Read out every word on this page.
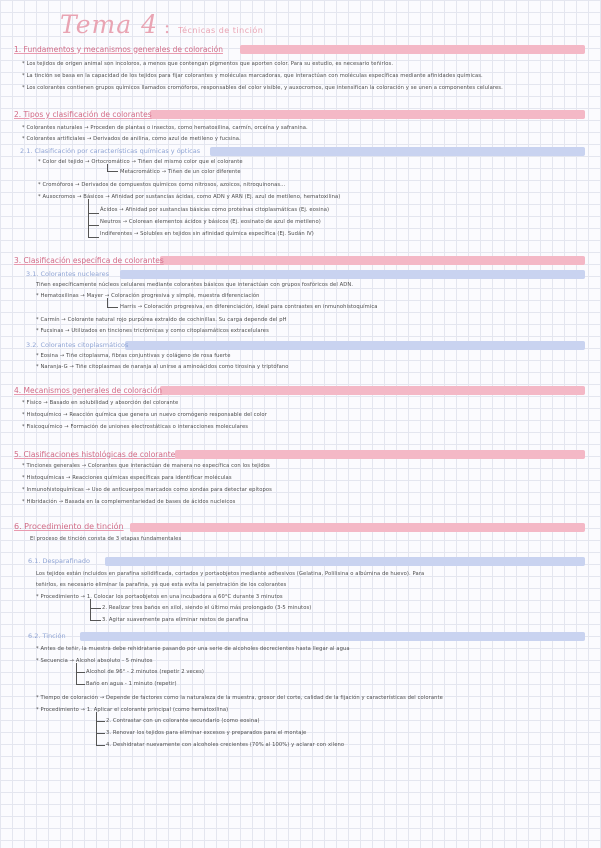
Tema 4 : Técnicas de tinción
1. Fundamentos y mecanismos generales de coloración
* Los tejidos de origen animal son incoloros, a menos que contengan pigmentos que aporten color. Para su estudio, es necesario teñirlos.
* La tinción se basa en la capacidad de los tejidos para fijar colorantes y moléculas marcadoras, que interactúan con moléculas específicas mediante afinidades químicas.
* Los colorantes contienen grupos químicos llamados cromóforos, responsables del color visible, y auxocromos, que intensifican la coloración y se unen a componentes celulares.
2. Tipos y clasificación de colorantes
* Colorantes naturales → Proceden de plantas o insectos, como hematoxilina, carmín, orceína y safranina.
* Colorantes artificiales → Derivados de anilina, como azul de metileno y fucsina.
2.1. Clasificación por características químicas y ópticas
* Color del tejido → Ortocromático → Tiñen del mismo color que el colorante
Metacromático → Tiñen de un color diferente
* Cromóforos → Derivados de compuestos químicos como nitrosos, azoicos, nitroquinonas...
* Auxocromos → Básicos → Afinidad por sustancias ácidas, como ADN y ARN (Ej. azul de metileno, hematoxilina)
Ácidos → Afinidad por sustancias básicas como proteínas citoplasmáticas (Ej. eosina)
Neutros → Colorean elementos ácidos y básicos (Ej. eosinato de azul de metileno)
Indiferentes → Solubles en tejidos sin afinidad química específica (Ej. Sudán IV)
3. Clasificación específica de colorantes
3.1. Colorantes nucleares
Tiñen específicamente núcleos celulares mediante colorantes básicos que interactúan con grupos fosfóricos del ADN.
* Hematoxilinas → Mayer → Coloración progresiva y simple, muestra diferenciación
Harris → Coloración progresiva, en diferenciación, ideal para contrastes en inmunohistoquímica
* Carmín → Colorante natural rojo purpúrea extraído de cochinillas. Su carga depende del pH
* Fucsinas → Utilizados en tinciones tricrómicas y como citoplasmáticos extracelulares
3.2. Colorantes citoplasmáticos
* Eosina → Tiñe citoplasma, fibras conjuntivas y colágeno de rosa fuerte
* Naranja-G → Tiñe citoplasmas de naranja al unirse a aminoácidos como tirosina y triptófano
4. Mecanismos generales de coloración
* Físico → Basado en solubilidad y absorción del colorante
* Histoquímico → Reacción química que genera un nuevo cromógeno responsable del color
* Fisicoquímico → Formación de uniones electrostáticas o interacciones moleculares
5. Clasificaciones histológicas de colorante
* Tinciones generales → Colorantes que interactúan de manera no específica con los tejidos
* Histoquímicas → Reacciones químicas específicas para identificar moléculas
* Inmunohistoquímicas → Uso de anticuerpos marcados como sondas para detectar epítopos
* Hibridación → Basada en la complementariedad de bases de ácidos nucleicos
6. Procedimiento de tinción
El proceso de tinción consta de 3 etapas fundamentales
6.1. Desparafinado
Los tejidos están incluidos en parafina solidificada, cortados y portaobjetos mediante adhesivos (Gelatina, Polilisina o albúmina de huevo). Para
teñirlos, es necesario eliminar la parafina, ya que esta evita la penetración de los colorantes
* Procedimiento → 1. Colocar los portaobjetos en una incubadora a 60°C durante 3 minutos
2. Realizar tres baños en xilol, siendo el último más prolongado (3-5 minutos)
3. Agitar suavemente para eliminar restos de parafina
6.2. Tinción
* Antes de teñir, la muestra debe rehidratarse pasando por una serie de alcoholes decrecientes hasta llegar al agua
* Secuencia → Alcohol absoluto - 5 minutos
Alcohol de 96° - 2 minutos (repetir 2 veces)
Baño en agua - 1 minuto (repetir)
* Tiempo de coloración → Depende de factores como la naturaleza de la muestra, grosor del corte, calidad de la fijación y características del colorante
* Procedimiento → 1. Aplicar el colorante principal (como hematoxilina)
2. Contrastar con un colorante secundario (como eosina)
3. Renovar los tejidos para eliminar excesos y preparados para el montaje
4. Deshidratar nuevamente con alcoholes crecientes (70% al 100%) y aclarar con xileno
